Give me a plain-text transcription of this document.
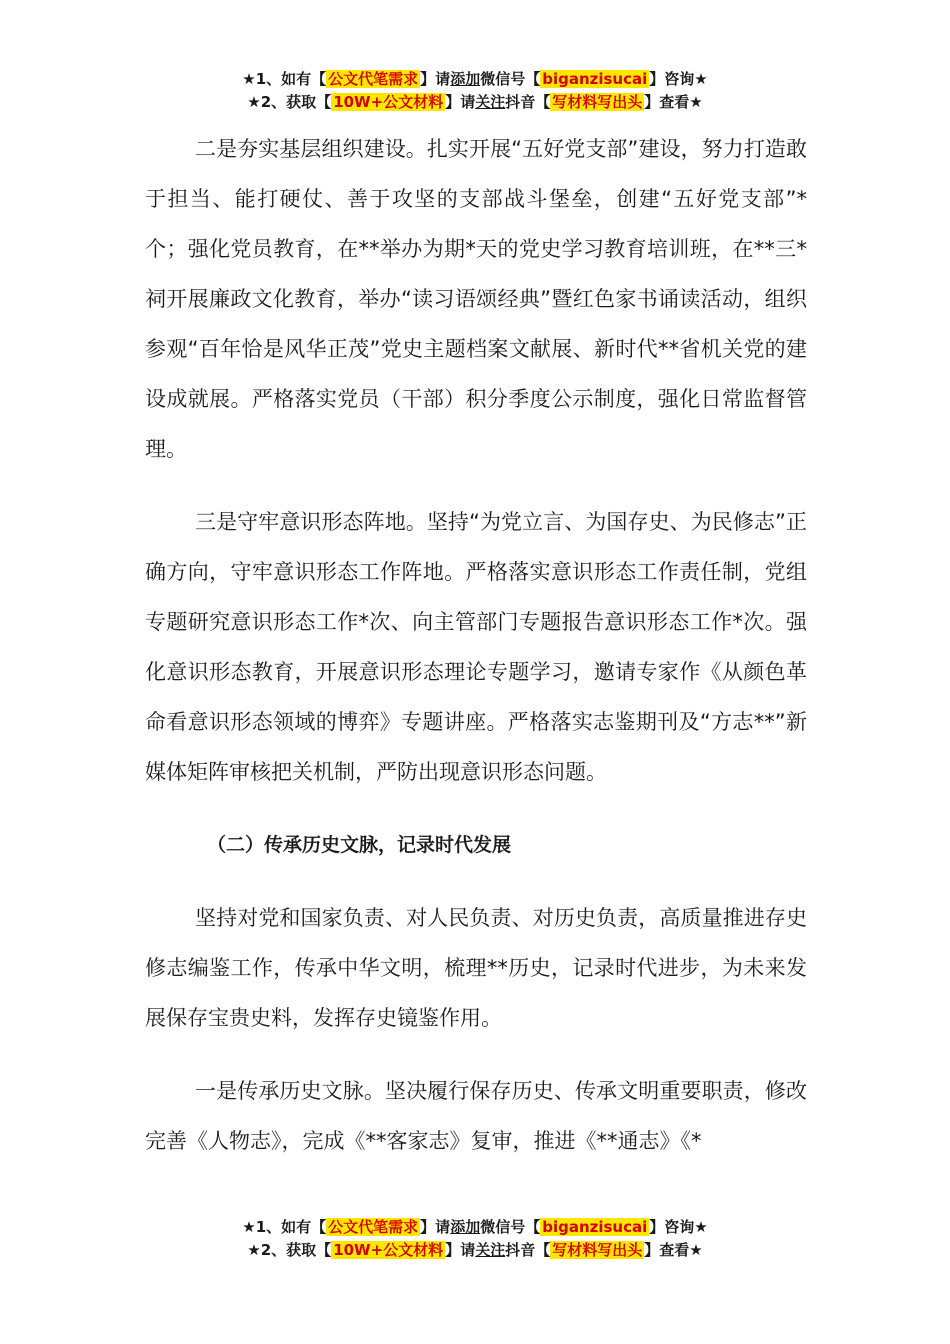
★1、如有【 公文代笔需求 】请添加微信号【 biganzisucai 】咨询★
★2、获取【 10W+公文材料 】请关注抖音【 写材料写出头 】查看★

二是夯实基层组织建设。扎实开展“五好党支部”建设，努力打造敢于担当、能打硬仗、善于攻坚的支部战斗堡垒，创建“五好党支部”*个；强化党员教育，在**举办为期*天的党史学习教育培训班，在**三*祠开展廉政文化教育，举办“读习语颂经典”暨红色家书诵读活动，组织参观“百年恰是风华正茂”党史主题档案文献展、新时代**省机关党的建设成就展。严格落实党员（干部）积分季度公示制度，强化日常监督管理。

三是守牢意识形态阵地。坚持“为党立言、为国存史、为民修志”正确方向，守牢意识形态工作阵地。严格落实意识形态工作责任制，党组专题研究意识形态工作*次、向主管部门专题报告意识形态工作*次。强化意识形态教育，开展意识形态理论专题学习，邀请专家作《从颜色革命看意识形态领域的博弈》专题讲座。严格落实志鉴期刊及“方志**”新媒体矩阵审核把关机制，严防出现意识形态问题。

（二）传承历史文脉，记录时代发展

坚持对党和国家负责、对人民负责、对历史负责，高质量推进存史修志编鉴工作，传承中华文明，梳理**历史，记录时代进步，为未来发展保存宝贵史料，发挥存史镜鉴作用。

一是传承历史文脉。坚决履行保存历史、传承文明重要职责，修改完善《人物志》，完成《**客家志》复审，推进《**通志》《*

★1、如有【 公文代笔需求 】请添加微信号【 biganzisucai 】咨询★
★2、获取【 10W+公文材料 】请关注抖音【 写材料写出头 】查看★
